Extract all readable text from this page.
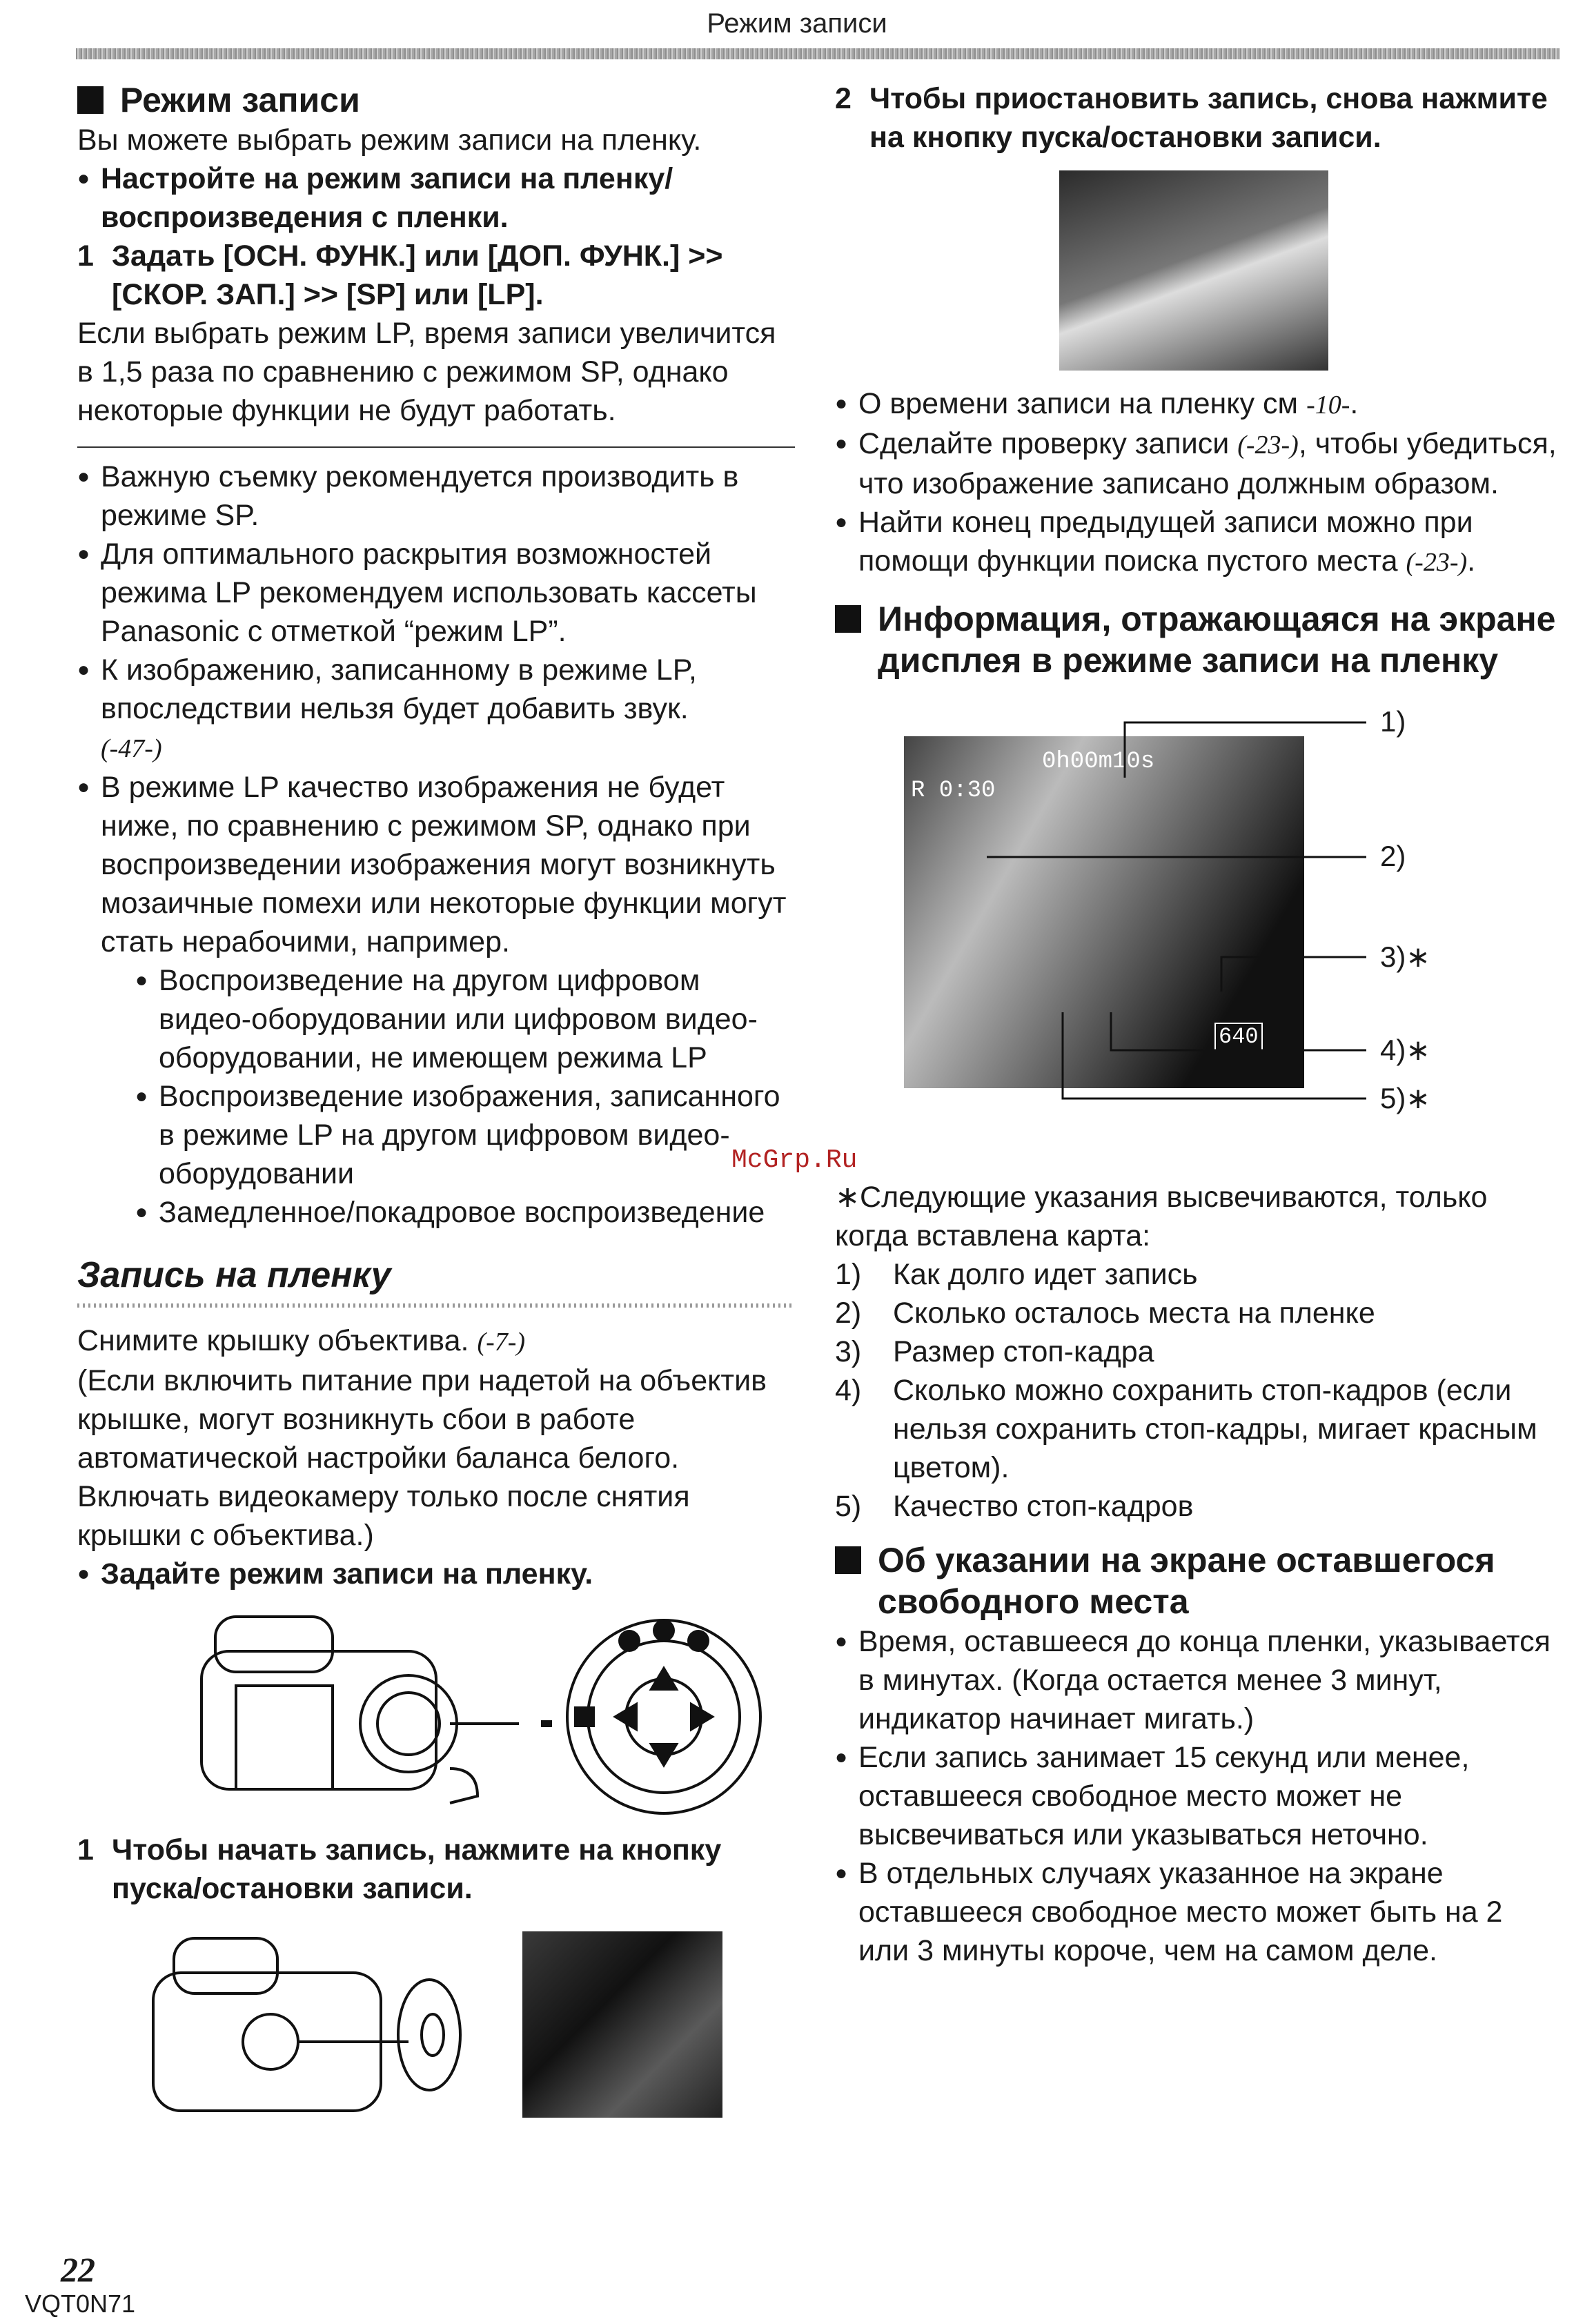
Режим записи
Режим записи

Вы можете выбрать режим записи на пленку.

● Настройте на режим записи на пленку/ воспроизведения с пленки.
1 Задать [ОСН. ФУНК.] или [ДОП. ФУНК.] >> [СКОР. ЗАП.] >> [SP] или [LP].

Если выбрать режим LP, время записи увеличится в 1,5 раза по сравнению с режимом SP, однако некоторые функции не будут работать.

● Важную съемку рекомендуется производить в режиме SP.
● Для оптимального раскрытия возможностей режима LP рекомендуем использовать кассеты Panasonic с отметкой “режим LP”.
● К изображению, записанному в режиме LP, впоследствии нельзя будет добавить звук.
(-47-)
● В режиме LP качество изображения не будет ниже, по сравнению с режимом SP, однако при воспроизведении изображения могут возникнуть мозаичные помехи или некоторые функции могут стать нерабочими, например.
● Воспроизведение на другом цифровом видео-оборудовании или цифровом видео-оборудовании, не имеющем режима LP
● Воспроизведение изображения, записанного в режиме LP на другом цифровом видео-оборудовании
● Замедленное/покадровое воспроизведение
Запись на пленку

Снимите крышку объектива. (-7-)

(Если включить питание при надетой на объектив крышке, могут возникнуть сбои в работе автоматической настройки баланса белого. Включать видеокамеру только после снятия крышки с объектива.)

● Задайте режим записи на пленку.
1 Чтобы начать запись, нажмите на кнопку пуска/остановки записи.
2 Чтобы приостановить запись, снова нажмите на кнопку пуска/остановки записи.
● О времени записи на пленку см -10-.
● Сделайте проверку записи (-23-), чтобы убедиться, что изображение записано должным образом.
● Найти конец предыдущей записи можно при помощи функции поиска пустого места (-23-).
Информация, отражающаяся на экране дисплея в режиме записи на пленку
0h00m10s
R 0:30
640
1)
2)
3)∗
4)∗
5)∗

∗Следующие указания высвечиваются, только когда вставлена карта:

1)	Как долго идет запись
2)	Сколько осталось места на пленке
3)	Размер стоп-кадра
4)	Сколько можно сохранить стоп-кадров (если нельзя сохранить стоп-кадры, мигает красным цветом).
5)	Качество стоп-кадров
Об указании на экране оставшегося свободного места
● Время, оставшееся до конца пленки, указывается в минутах. (Когда остается менее 3 минут, индикатор начинает мигать.)
● Если запись занимает 15 секунд или менее, оставшееся свободное место может не высвечиваться или указываться неточно.
● В отдельных случаях указанное на экране оставшееся свободное место может быть на 2 или 3 минуты короче, чем на самом деле.
McGrp.Ru
22
VQT0N71
